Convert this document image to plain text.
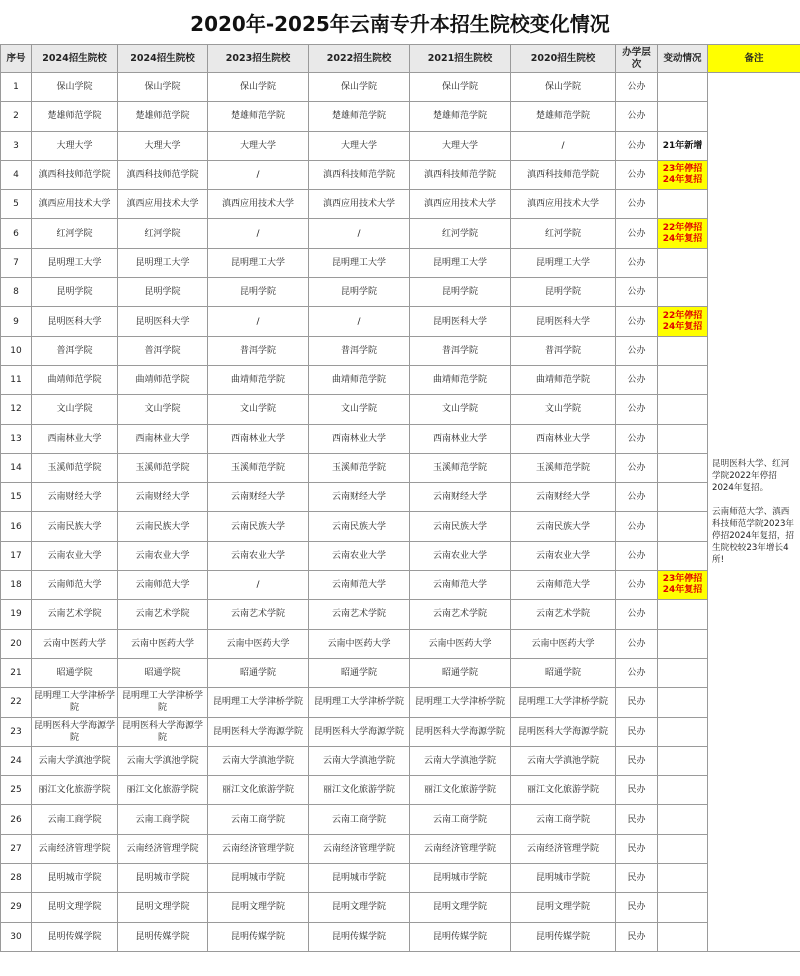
2020年-2025年云南专升本招生院校变化情况
序号	2024招生院校	2024招生院校	2023招生院校	2022招生院校	2021招生院校	2020招生院校	办学层次	变动情况	备注
1	保山学院	保山学院	保山学院	保山学院	保山学院	保山学院	公办		昆明医科大学、红河学院2022年停招2024年复招。

云南师范大学、滇西科技师范学院2023年停招2024年复招，招生院校较23年增长4所!
2	楚雄师范学院	楚雄师范学院	楚雄师范学院	楚雄师范学院	楚雄师范学院	楚雄师范学院	公办		
3	大理大学	大理大学	大理大学	大理大学	大理大学	/	公办	21年新增	
4	滇西科技师范学院	滇西科技师范学院	/	滇西科技师范学院	滇西科技师范学院	滇西科技师范学院	公办	23年停招
24年复招	
5	滇西应用技术大学	滇西应用技术大学	滇西应用技术大学	滇西应用技术大学	滇西应用技术大学	滇西应用技术大学	公办		
6	红河学院	红河学院	/	/	红河学院	红河学院	公办	22年停招
24年复招	
7	昆明理工大学	昆明理工大学	昆明理工大学	昆明理工大学	昆明理工大学	昆明理工大学	公办		
8	昆明学院	昆明学院	昆明学院	昆明学院	昆明学院	昆明学院	公办		
9	昆明医科大学	昆明医科大学	/	/	昆明医科大学	昆明医科大学	公办	22年停招
24年复招	
10	普洱学院	普洱学院	普洱学院	普洱学院	普洱学院	普洱学院	公办		
11	曲靖师范学院	曲靖师范学院	曲靖师范学院	曲靖师范学院	曲靖师范学院	曲靖师范学院	公办		
12	文山学院	文山学院	文山学院	文山学院	文山学院	文山学院	公办		
13	西南林业大学	西南林业大学	西南林业大学	西南林业大学	西南林业大学	西南林业大学	公办		
14	玉溪师范学院	玉溪师范学院	玉溪师范学院	玉溪师范学院	玉溪师范学院	玉溪师范学院	公办		
15	云南财经大学	云南财经大学	云南财经大学	云南财经大学	云南财经大学	云南财经大学	公办		
16	云南民族大学	云南民族大学	云南民族大学	云南民族大学	云南民族大学	云南民族大学	公办		
17	云南农业大学	云南农业大学	云南农业大学	云南农业大学	云南农业大学	云南农业大学	公办		
18	云南师范大学	云南师范大学	/	云南师范大学	云南师范大学	云南师范大学	公办	23年停招
24年复招	
19	云南艺术学院	云南艺术学院	云南艺术学院	云南艺术学院	云南艺术学院	云南艺术学院	公办		
20	云南中医药大学	云南中医药大学	云南中医药大学	云南中医药大学	云南中医药大学	云南中医药大学	公办		
21	昭通学院	昭通学院	昭通学院	昭通学院	昭通学院	昭通学院	公办		
22	昆明理工大学津桥学院	昆明理工大学津桥学院	昆明理工大学津桥学院	昆明理工大学津桥学院	昆明理工大学津桥学院	昆明理工大学津桥学院	民办		
23	昆明医科大学海源学院	昆明医科大学海源学院	昆明医科大学海源学院	昆明医科大学海源学院	昆明医科大学海源学院	昆明医科大学海源学院	民办		
24	云南大学滇池学院	云南大学滇池学院	云南大学滇池学院	云南大学滇池学院	云南大学滇池学院	云南大学滇池学院	民办		
25	丽江文化旅游学院	丽江文化旅游学院	丽江文化旅游学院	丽江文化旅游学院	丽江文化旅游学院	丽江文化旅游学院	民办		
26	云南工商学院	云南工商学院	云南工商学院	云南工商学院	云南工商学院	云南工商学院	民办		
27	云南经济管理学院	云南经济管理学院	云南经济管理学院	云南经济管理学院	云南经济管理学院	云南经济管理学院	民办		
28	昆明城市学院	昆明城市学院	昆明城市学院	昆明城市学院	昆明城市学院	昆明城市学院	民办		
29	昆明文理学院	昆明文理学院	昆明文理学院	昆明文理学院	昆明文理学院	昆明文理学院	民办		
30	昆明传媒学院	昆明传媒学院	昆明传媒学院	昆明传媒学院	昆明传媒学院	昆明传媒学院	民办		
